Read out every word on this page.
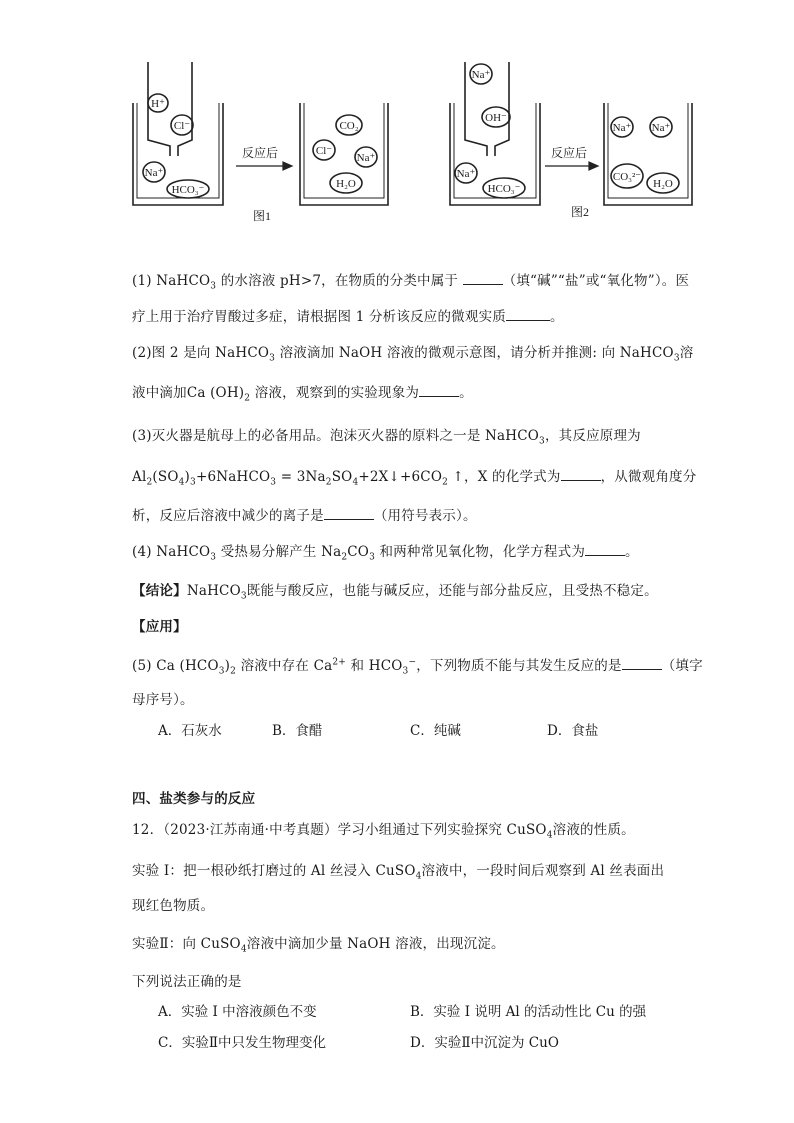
反应后	反应后
图1	图2
H⁺
Cl⁻
Na⁺
HCO₃⁻
CO₂
Cl⁻
Na⁺
H₂O
Na⁺
OH⁻
Na⁺
HCO₃⁻
Na⁺ Na⁺
CO₃²⁻
H₂O
(1) NaHCO$_3$ 的水溶液 pH>7，在物质的分类中属于	（填“碱”“盐”或“氧化物”）。医
疗上用于治疗胃酸过多症，请根据图 1 分析该反应的微观实质	。
(2)图 2 是向 NaHCO$_3$ 溶液滴加 NaOH 溶液的微观示意图，请分析并推测: 向 NaHCO$_3$溶
液中滴加Ca $(OH)_2$ 溶液，观察到的实验现象为	。
(3)灭火器是航母上的必备用品。泡沫灭火器的原料之一是 NaHCO$_3$，其反应原理为
$Al_2(SO_4)_3+6NaHCO_3$ = $3Na_2SO_4+2X↓+6CO_2$ ↑，X 的化学式为	，从微观角度分
析，反应后溶液中减少的离子是	（用符号表示）。
(4) NaHCO$_3$ 受热易分解产生 $Na_2CO_3$ 和两种常见氧化物，化学方程式为	。
【结论】NaHCO$_3$既能与酸反应，也能与碱反应，还能与部分盐反应，且受热不稳定。
【应用】
(5) Ca $(HCO_3)_2$ 溶液中存在 $Ca^{2+}$ 和 $HCO_3^-$，下列物质不能与其发生反应的是	（填字
母序号）。
A．石灰水	B．食醋	C．纯碱	D．食盐
四、盐类参与的反应
12．（2023·江苏南通·中考真题）学习小组通过下列实验探究 CuSO$_4$溶液的性质。
实验 I：把一根砂纸打磨过的 Al 丝浸入 CuSO$_4$溶液中，一段时间后观察到 Al 丝表面出
现红色物质。
实验Ⅱ：向 CuSO$_4$溶液中滴加少量 NaOH 溶液，出现沉淀。
下列说法正确的是
A．实验 I 中溶液颜色不变	B．实验 I 说明 Al 的活动性比 Cu 的强
C．实验Ⅱ中只发生物理变化	D．实验Ⅱ中沉淀为 CuO
